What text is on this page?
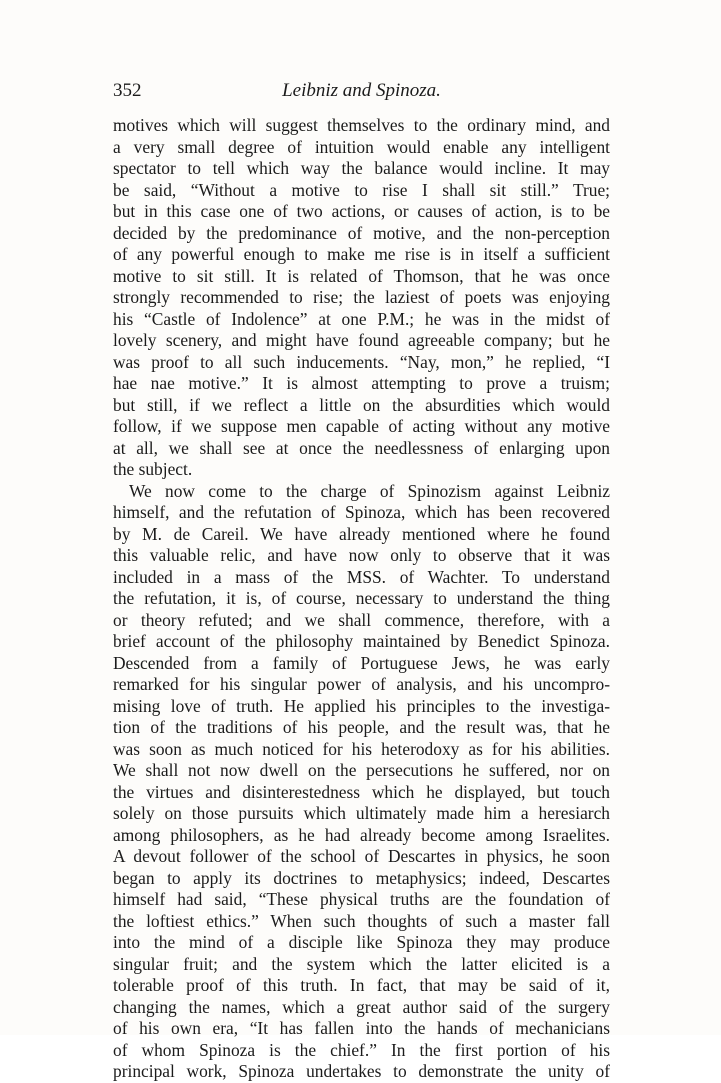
352	Leibniz and Spinoza.
motives which will suggest themselves to the ordinary mind, and
a very small degree of intuition would enable any intelligent
spectator to tell which way the balance would incline. It may
be said, “Without a motive to rise I shall sit still.” True;
but in this case one of two actions, or causes of action, is to be
decided by the predominance of motive, and the non-perception
of any powerful enough to make me rise is in itself a sufficient
motive to sit still. It is related of Thomson, that he was once
strongly recommended to rise; the laziest of poets was enjoying
his “Castle of Indolence” at one P.M.; he was in the midst of
lovely scenery, and might have found agreeable company; but he
was proof to all such inducements. “Nay, mon,” he replied, “I
hae nae motive.” It is almost attempting to prove a truism;
but still, if we reflect a little on the absurdities which would
follow, if we suppose men capable of acting without any motive
at all, we shall see at once the needlessness of enlarging upon
the subject.
We now come to the charge of Spinozism against Leibniz
himself, and the refutation of Spinoza, which has been recovered
by M. de Careil. We have already mentioned where he found
this valuable relic, and have now only to observe that it was
included in a mass of the MSS. of Wachter. To understand
the refutation, it is, of course, necessary to understand the thing
or theory refuted; and we shall commence, therefore, with a
brief account of the philosophy maintained by Benedict Spinoza.
Descended from a family of Portuguese Jews, he was early
remarked for his singular power of analysis, and his uncompro-
mising love of truth. He applied his principles to the investiga-
tion of the traditions of his people, and the result was, that he
was soon as much noticed for his heterodoxy as for his abilities.
We shall not now dwell on the persecutions he suffered, nor on
the virtues and disinterestedness which he displayed, but touch
solely on those pursuits which ultimately made him a heresiarch
among philosophers, as he had already become among Israelites.
A devout follower of the school of Descartes in physics, he soon
began to apply its doctrines to metaphysics; indeed, Descartes
himself had said, “These physical truths are the foundation of
the loftiest ethics.” When such thoughts of such a master fall
into the mind of a disciple like Spinoza they may produce
singular fruit; and the system which the latter elicited is a
tolerable proof of this truth. In fact, that may be said of it,
changing the names, which a great author said of the surgery
of his own era, “It has fallen into the hands of mechanicians
of whom Spinoza is the chief.” In the first portion of his
principal work, Spinoza undertakes to demonstrate the unity of
